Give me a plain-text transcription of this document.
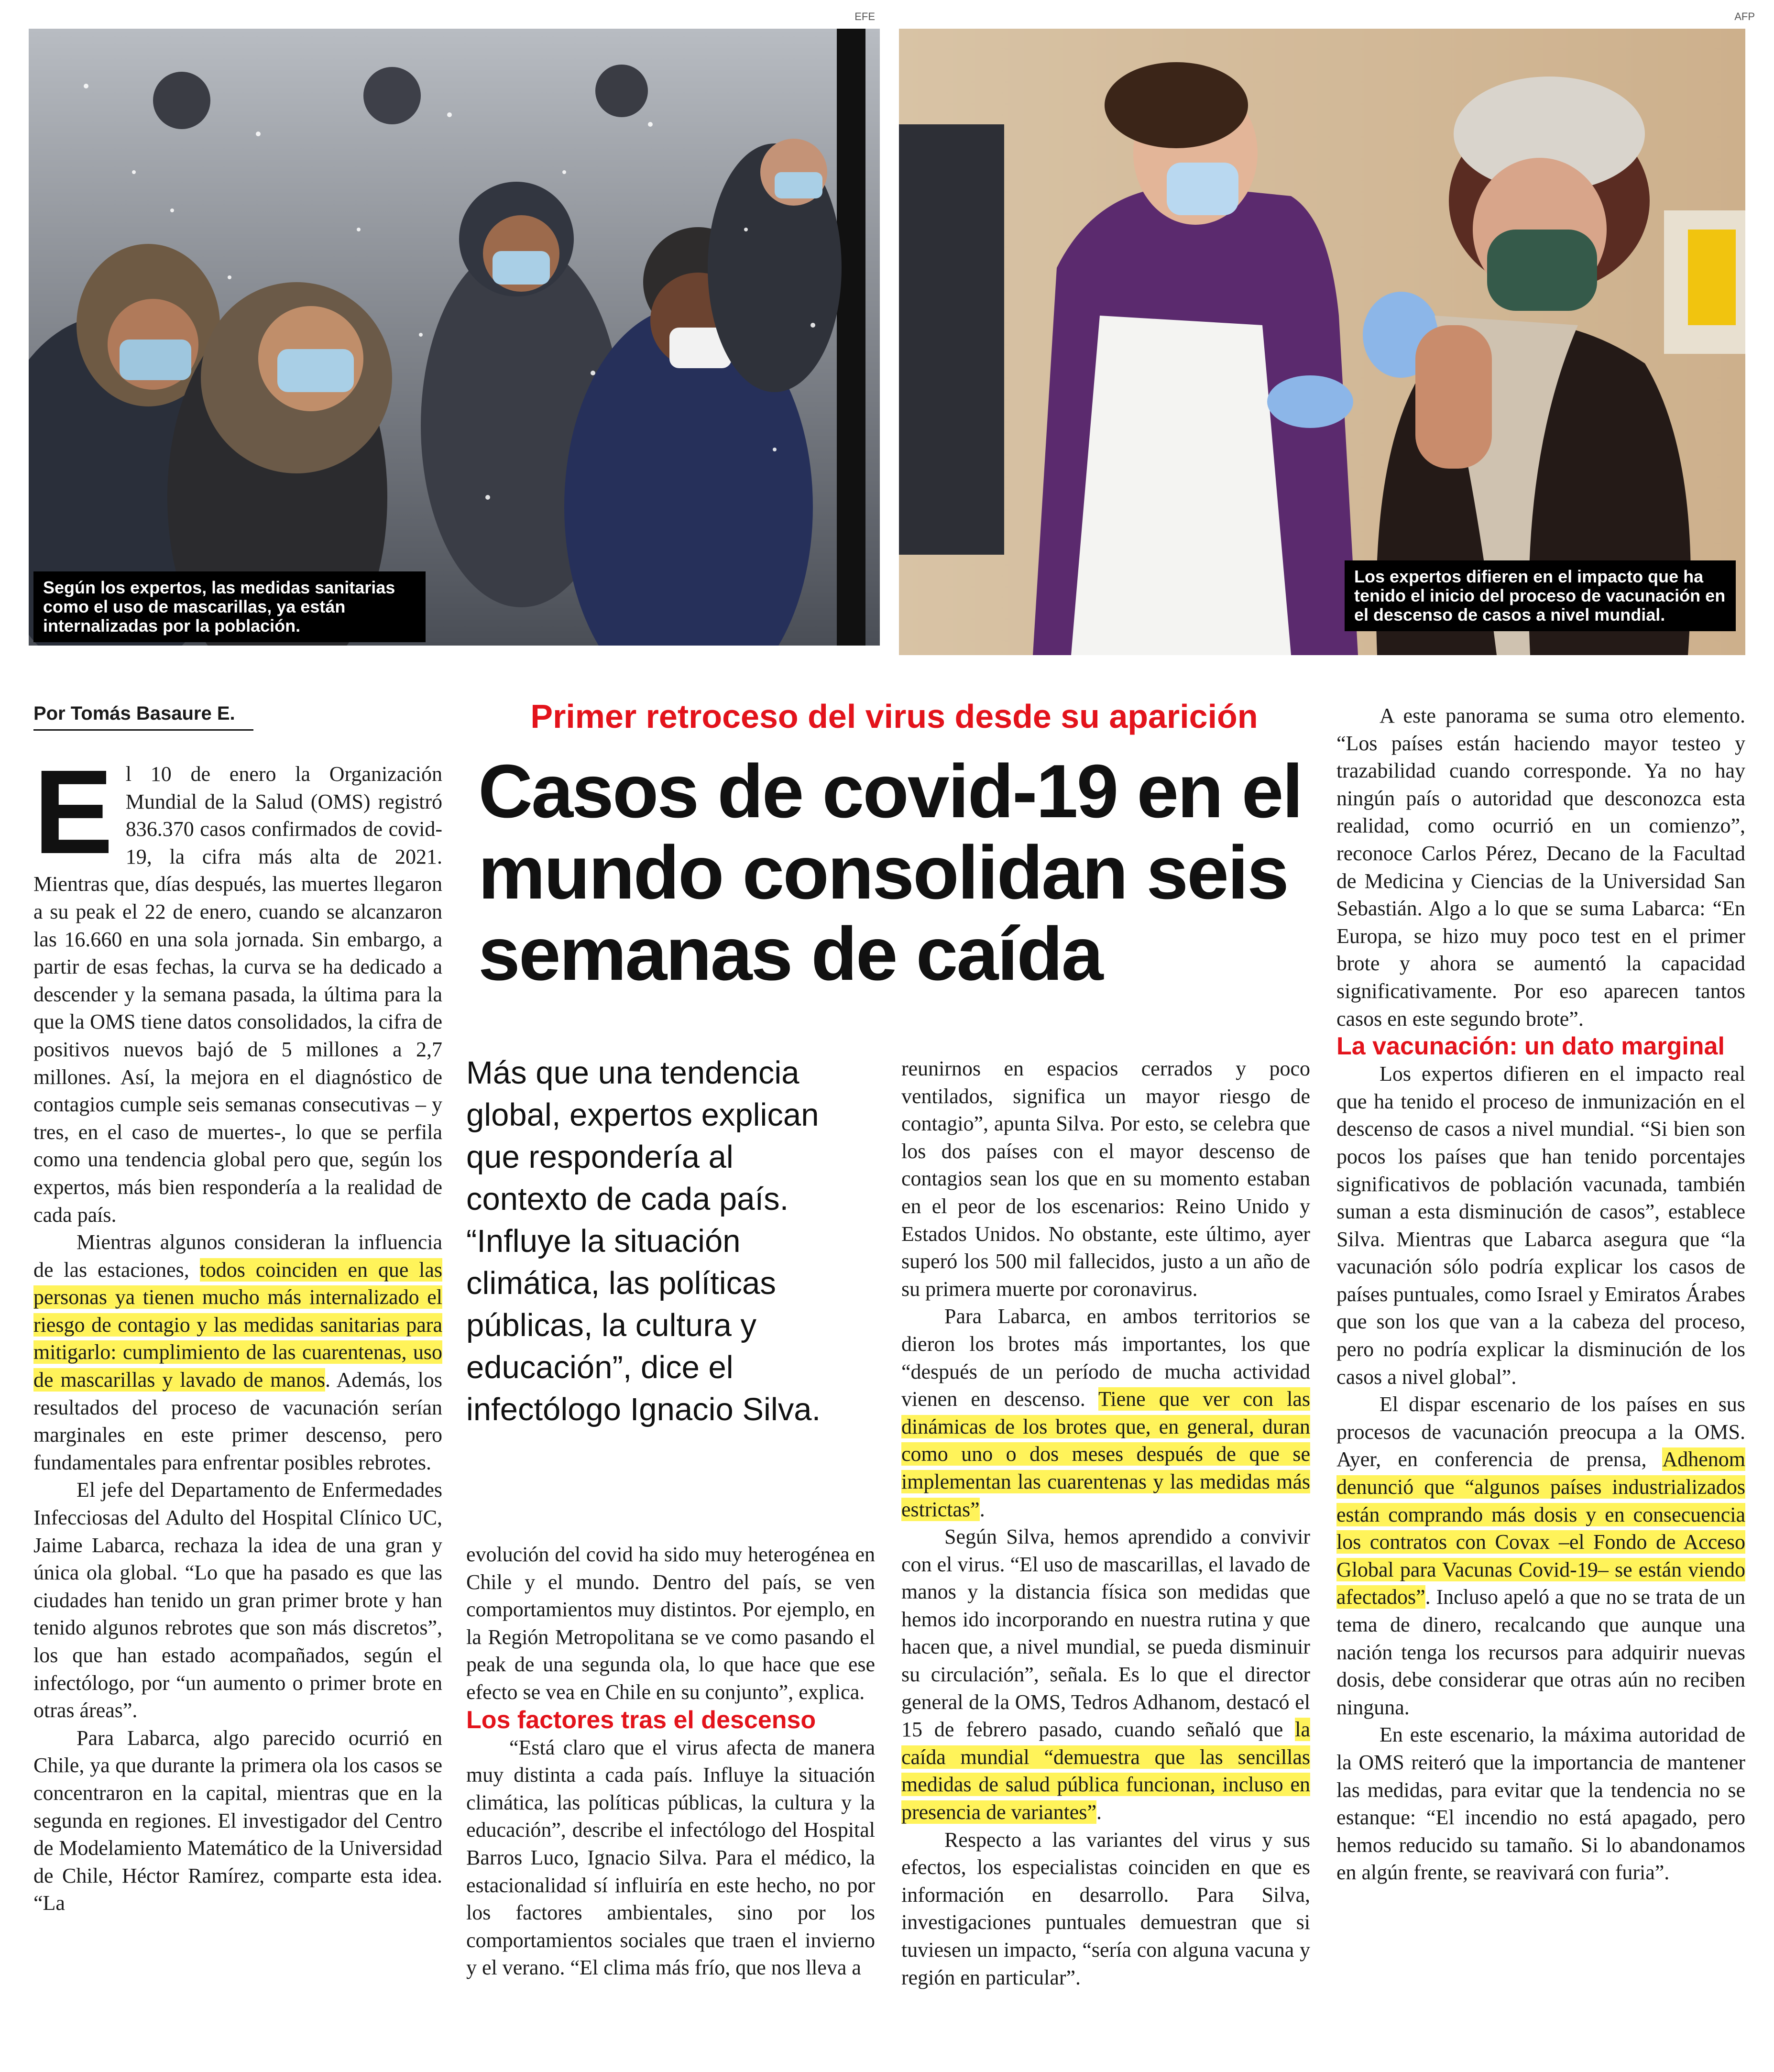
EFE
Según los expertos, las medidas sanitarias como el uso de mascarillas, ya están internalizadas por la población.
AFP
Los expertos difieren en el impacto que ha tenido el inicio del proceso de vacunación en el descenso de casos a nivel mundial.
Por Tomás Basaure E.	Primer retroceso del virus desde su aparición
Casos de covid-19 en el mundo consolidan seis semanas de caída
Más que una tendencia global, expertos explican que respondería al contexto de cada país. “Influye la situación climática, las políticas públicas, la cultura y educación”, dice el infectólogo Ignacio Silva.

El 10 de enero la Organización Mundial de la Salud (OMS) registró 836.370 casos confirmados de covid-19, la cifra más alta de 2021. Mientras que, días después, las muertes llegaron a su peak el 22 de enero, cuando se alcanzaron las 16.660 en una sola jornada. Sin embargo, a partir de esas fechas, la curva se ha dedicado a descender y la semana pasada, la última para la que la OMS tiene datos consolidados, la cifra de positivos nuevos bajó de 5 millones a 2,7 millones. Así, la mejora en el diagnóstico de contagios cumple seis semanas consecutivas – y tres, en el caso de muertes-, lo que se perfila como una tendencia global pero que, según los expertos, más bien respondería a la realidad de cada país.

Mientras algunos consideran la influencia de las estaciones, todos coinciden en que las personas ya tienen mucho más internalizado el riesgo de contagio y las medidas sanitarias para mitigarlo: cumplimiento de las cuarentenas, uso de mascarillas y lavado de manos. Además, los resultados del proceso de vacunación serían marginales en este primer descenso, pero fundamentales para enfrentar posibles rebrotes.

El jefe del Departamento de Enfermedades Infecciosas del Adulto del Hospital Clínico UC, Jaime Labarca, rechaza la idea de una gran y única ola global. “Lo que ha pasado es que las ciudades han tenido un gran primer brote y han tenido algunos rebrotes que son más discretos”, los que han estado acompañados, según el infectólogo, por “un aumento o primer brote en otras áreas”.

Para Labarca, algo parecido ocurrió en Chile, ya que durante la primera ola los casos se concentraron en la capital, mientras que en la segunda en regiones. El investigador del Centro de Modelamiento Matemático de la Universidad de Chile, Héctor Ramírez, comparte esta idea. “La

evolución del covid ha sido muy heterogénea en Chile y el mundo. Dentro del país, se ven comportamientos muy distintos. Por ejemplo, en la Región Metropolitana se ve como pasando el peak de una segunda ola, lo que hace que ese efecto se vea en Chile en su conjunto”, explica.

Los factores tras el descenso

“Está claro que el virus afecta de manera muy distinta a cada país. Influye la situación climática, las políticas públicas, la cultura y la educación”, describe el infectólogo del Hospital Barros Luco, Ignacio Silva. Para el médico, la estacionalidad sí influiría en este hecho, no por los factores ambientales, sino por los comportamientos sociales que traen el invierno y el verano. “El clima más frío, que nos lleva a

reunirnos en espacios cerrados y poco ventilados, significa un mayor riesgo de contagio”, apunta Silva. Por esto, se celebra que los dos países con el mayor descenso de contagios sean los que en su momento estaban en el peor de los escenarios: Reino Unido y Estados Unidos. No obstante, este último, ayer superó los 500 mil fallecidos, justo a un año de su primera muerte por coronavirus.

Para Labarca, en ambos territorios se dieron los brotes más importantes, los que “después de un período de mucha actividad vienen en descenso. Tiene que ver con las dinámicas de los brotes que, en general, duran como uno o dos meses después de que se implementan las cuarentenas y las medidas más estrictas”.

Según Silva, hemos aprendido a convivir con el virus. “El uso de mascarillas, el lavado de manos y la distancia física son medidas que hemos ido incorporando en nuestra rutina y que hacen que, a nivel mundial, se pueda disminuir su circulación”, señala. Es lo que el director general de la OMS, Tedros Adhanom, destacó el 15 de febrero pasado, cuando señaló que la caída mundial “demuestra que las sencillas medidas de salud pública funcionan, incluso en presencia de variantes”.

Respecto a las variantes del virus y sus efectos, los especialistas coinciden en que es información en desarrollo. Para Silva, investigaciones puntuales demuestran que si tuviesen un impacto, “sería con alguna vacuna y región en particular”.

A este panorama se suma otro elemento. “Los países están haciendo mayor testeo y trazabilidad cuando corresponde. Ya no hay ningún país o autoridad que desconozca esta realidad, como ocurrió en un comienzo”, reconoce Carlos Pérez, Decano de la Facultad de Medicina y Ciencias de la Universidad San Sebastián. Algo a lo que se suma Labarca: “En Europa, se hizo muy poco test en el primer brote y ahora se aumentó la capacidad significativamente. Por eso aparecen tantos casos en este segundo brote”.

La vacunación: un dato marginal

Los expertos difieren en el impacto real que ha tenido el proceso de inmunización en el descenso de casos a nivel mundial. “Si bien son pocos los países que han tenido porcentajes significativos de población vacunada, también suman a esta disminución de casos”, establece Silva. Mientras que Labarca asegura que “la vacunación sólo podría explicar los casos de países puntuales, como Israel y Emiratos Árabes que son los que van a la cabeza del proceso, pero no podría explicar la disminución de los casos a nivel global”.

El dispar escenario de los países en sus procesos de vacunación preocupa a la OMS. Ayer, en conferencia de prensa, Adhenom denunció que “algunos países industrializados están comprando más dosis y en consecuencia los contratos con Covax –el Fondo de Acceso Global para Vacunas Covid-19– se están viendo afectados”. Incluso apeló a que no se trata de un tema de dinero, recalcando que aunque una nación tenga los recursos para adquirir nuevas dosis, debe considerar que otras aún no reciben ninguna.

En este escenario, la máxima autoridad de la OMS reiteró que la importancia de mantener las medidas, para evitar que la tendencia no se estanque: “El incendio no está apagado, pero hemos reducido su tamaño. Si lo abandonamos en algún frente, se reavivará con furia”.
